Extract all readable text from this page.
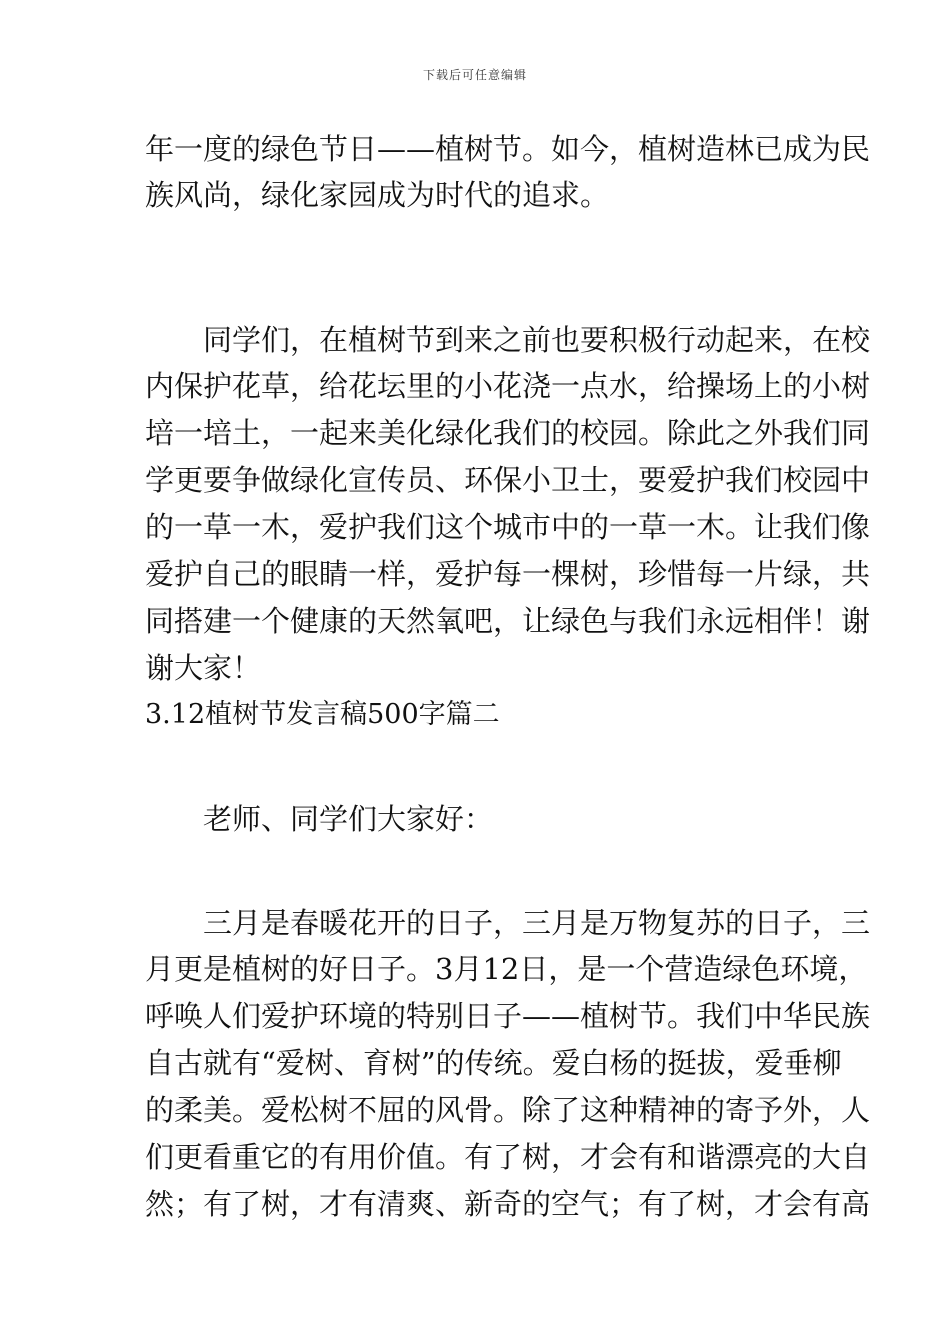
下载后可任意编辑
年一度的绿色节日——植树节。如今，植树造林已成为民
族风尚，绿化家园成为时代的追求。
同学们，在植树节到来之前也要积极行动起来，在校
内保护花草，给花坛里的小花浇一点水，给操场上的小树
培一培土，一起来美化绿化我们的校园。除此之外我们同
学更要争做绿化宣传员、环保小卫士，要爱护我们校园中
的一草一木，爱护我们这个城市中的一草一木。让我们像
爱护自己的眼睛一样，爱护每一棵树，珍惜每一片绿，共
同搭建一个健康的天然氧吧，让绿色与我们永远相伴！谢
谢大家！
3.12植树节发言稿500字篇二
老师、同学们大家好：
三月是春暖花开的日子，三月是万物复苏的日子，三
月更是植树的好日子。3月12日，是一个营造绿色环境，
呼唤人们爱护环境的特别日子——植树节。我们中华民族
自古就有“爱树、育树”的传统。爱白杨的挺拔，爱垂柳
的柔美。爱松树不屈的风骨。除了这种精神的寄予外，人
们更看重它的有用价值。有了树，才会有和谐漂亮的大自
然；有了树，才有清爽、新奇的空气；有了树，才会有高
